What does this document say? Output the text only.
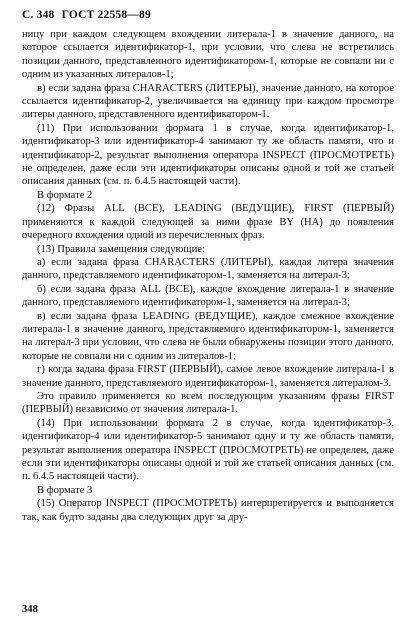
С. 348 ГОСТ 22558—89

ницу при каждом следующем вхождении литерала-1 в значение данного, на которое ссылается идентификатор-1, при условии, что слева не встретились позиции данного, представленного идентификатором-1, которые не совпали ни с одним из указанных литералов-1;

в) если задана фраза CHARACTERS (ЛИТЕРЫ), значение данного, на которое ссылается идентификатор-2, увеличивается на единицу при каждом просмотре литеры данного, представленного идентификатором-1.

(11) При использовании формата 1 в случае, когда идентификатор-1, идентификатор-3 или идентификатор-4 занимают ту же область памяти, что и идентификатор-2, результат выполнения оператора INSPECT (ПРОСМОТРЕТЬ) не определен, даже если эти идентификаторы описаны одной и той же статьей описания данных (см. п. 6.4.5 настоящей части).

В формате 2

(12) Фразы ALL (ВСЕ), LEADING (ВЕДУЩИЕ), FIRST (ПЕРВЫЙ) применяются к каждой следующей за ними фразе BY (НА) до появления очередного вхождения одной из перечисленных фраз.

(13) Правила замещения следующие:

а) если задана фраза CHARACTERS (ЛИТЕРЫ), каждая литера значения данного, представляемого идентификатором-1, заменяется на литерал-3;

б) если задана фраза ALL (ВСЕ), каждое вхождение литерала-1 в значение данного, представляемого идентификатором-1, заменяется на литерал-3;

в) если задана фраза LEADING (ВЕДУЩИЕ), каждое смежное вхождение литерала-1 в значение данного, представляемого идентификатором-1, заменяется на литерал-3 при условии, что слева не были обнаружены позиции этого данного, которые не совпали ни с одним из литералов-1;

г) когда задана фраза FIRST (ПЕРВЫЙ), самое левое вхождение литерала-1 в значение данного, представляемого идентификатором-1, заменяется литералом-3.

Это правило применяется ко всем последующим указаниям фразы FIRST (ПЕРВЫЙ) независимо от значения литерала-1.

(14) При использовании формата 2 в случае, когда идентификатор-3, идентификатор-4 или идентификатор-5 занимают одну и ту же область памяти, результат выполнения оператора INSPECT (ПРОСМОТРЕТЬ) не определен, даже если эти идентификаторы описаны одной и той же статьей описания данных (см. п. 6.4.5 настоящей части).

В формате 3

(15) Оператор INSPECT (ПРОСМОТРЕТЬ) интерпретируется и выполняется так, как будто заданы два следующих друг за дру-

348
